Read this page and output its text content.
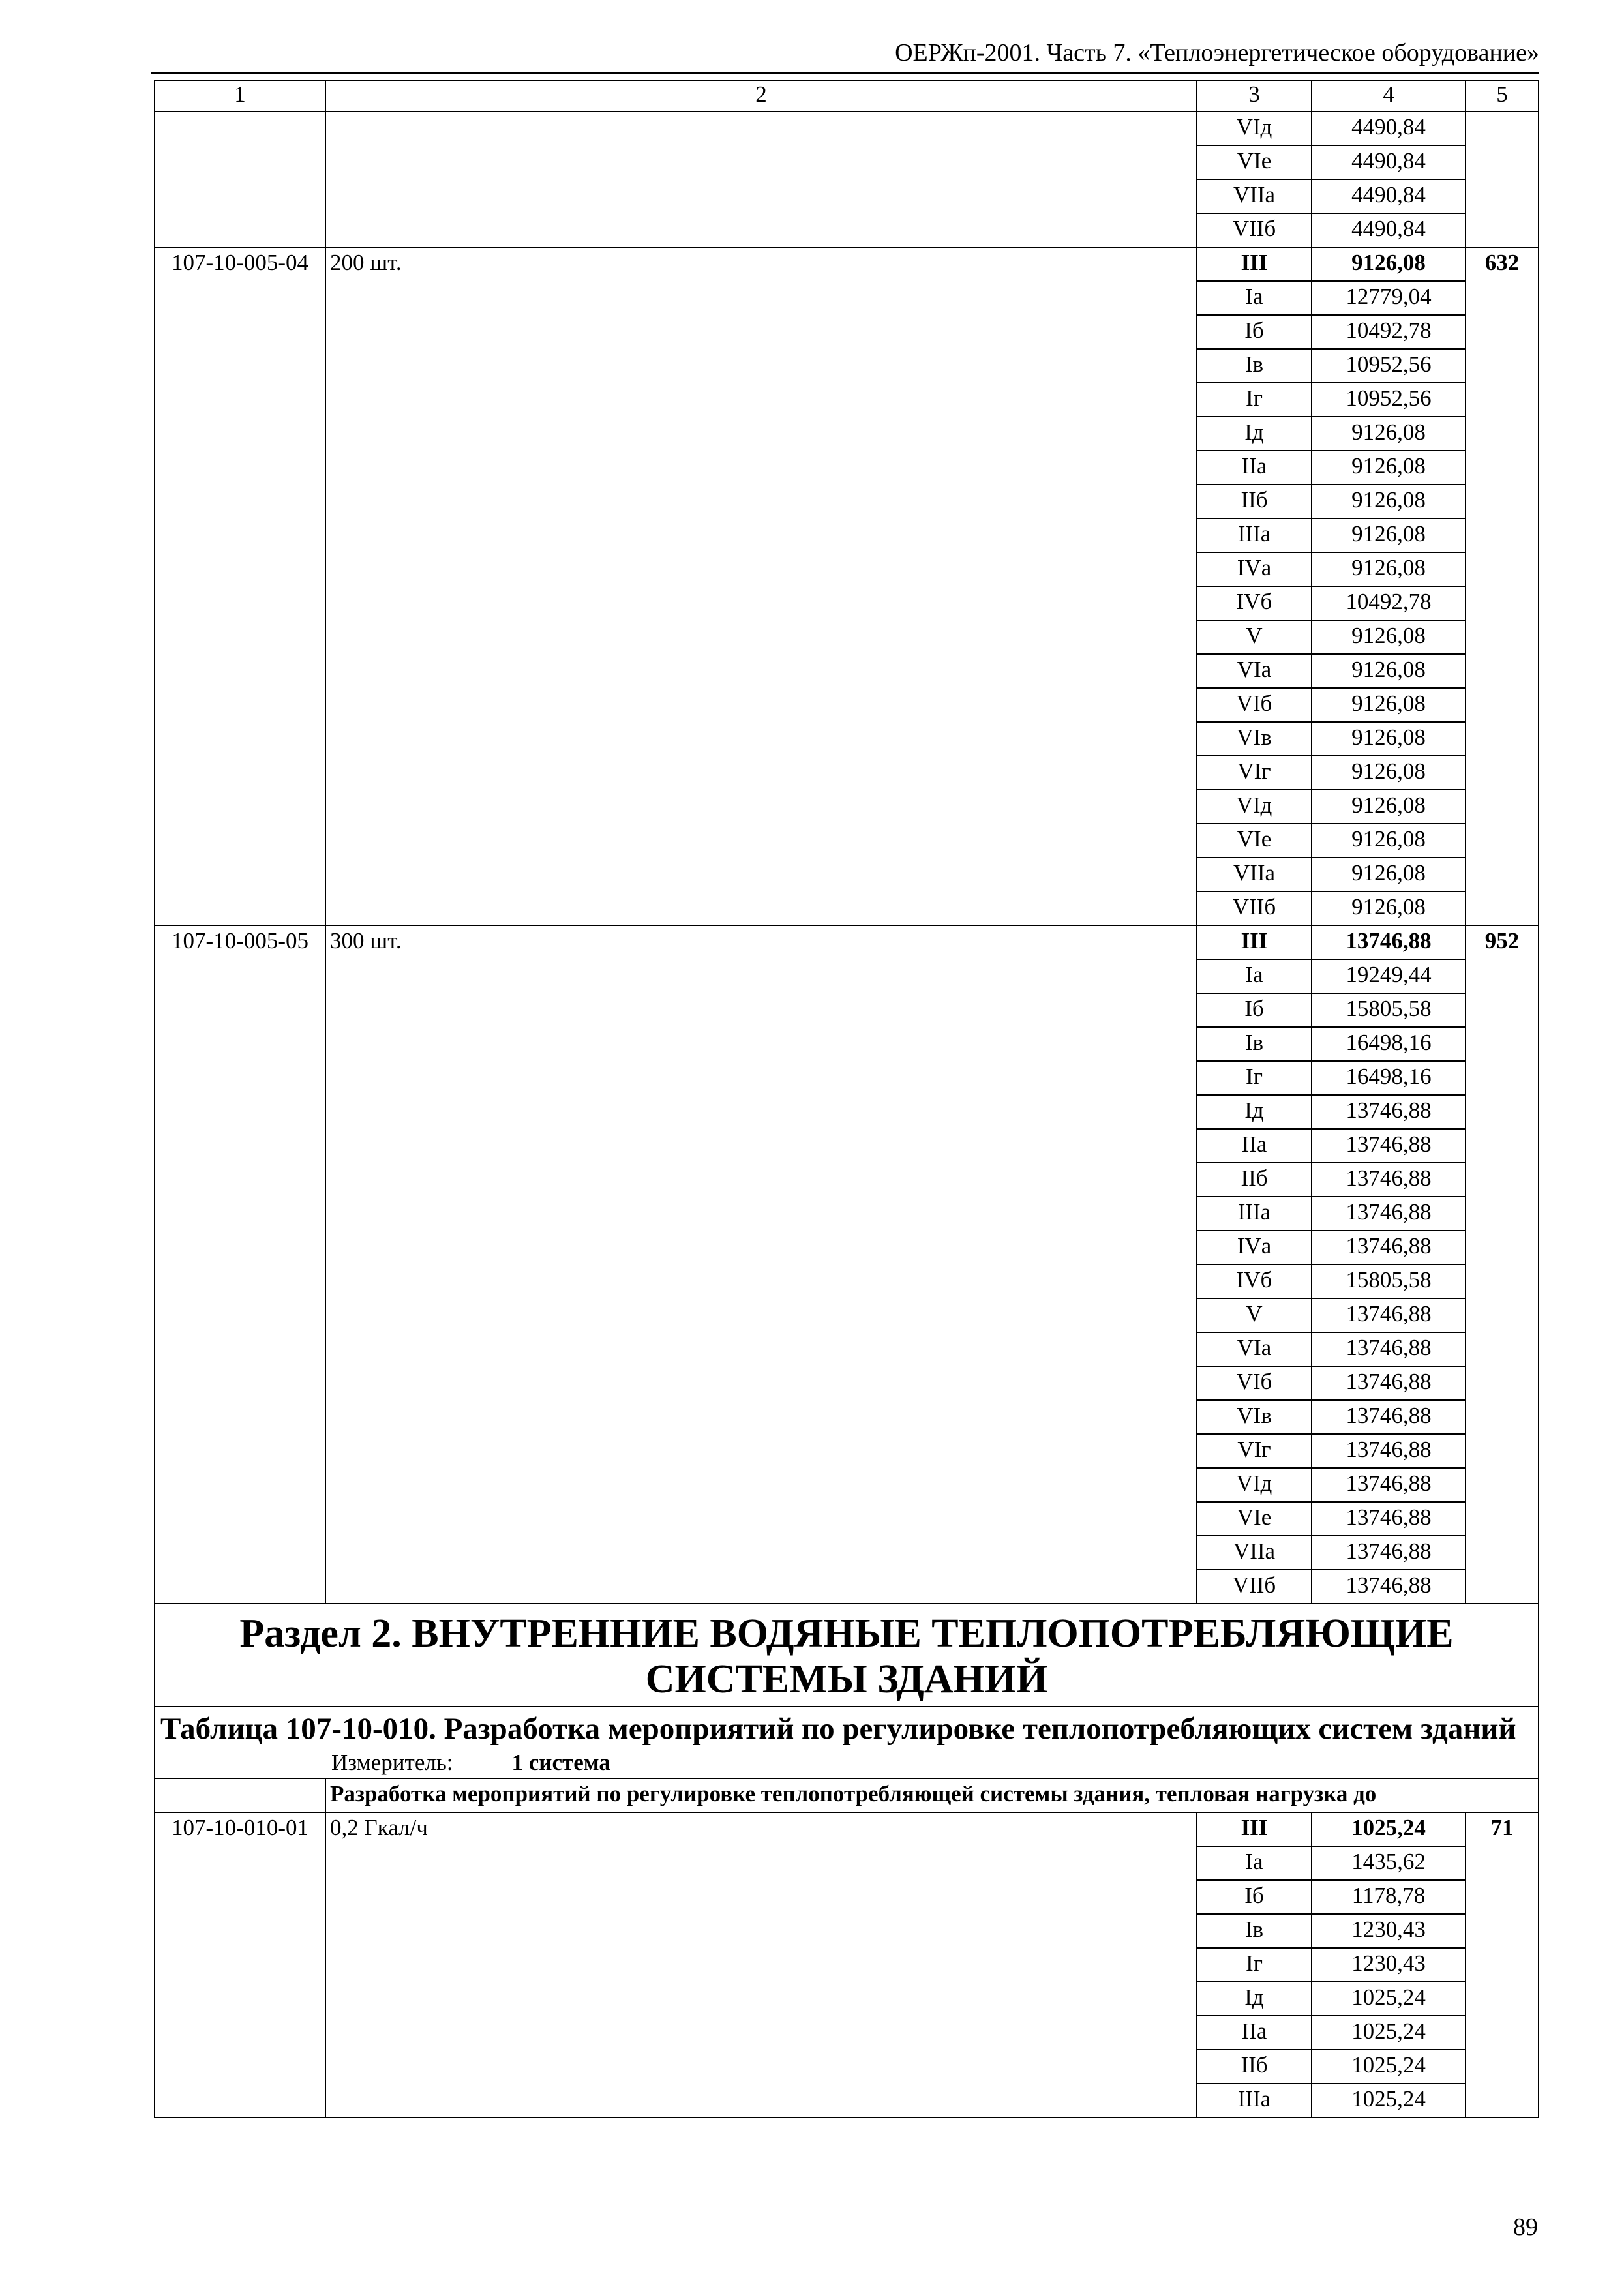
ОЕРЖп-2001. Часть 7. «Теплоэнергетическое оборудование»
1	2	3	4	5
		VIд	4490,84	
		VIе	4490,84	
		VIIа	4490,84	
		VIIб	4490,84	
107-10-005-04	200 шт.	III	9126,08	632
		Iа	12779,04	
		Iб	10492,78	
		Iв	10952,56	
		Iг	10952,56	
		Iд	9126,08	
		IIа	9126,08	
		IIб	9126,08	
		IIIа	9126,08	
		IVа	9126,08	
		IVб	10492,78	
		V	9126,08	
		VIа	9126,08	
		VIб	9126,08	
		VIв	9126,08	
		VIг	9126,08	
		VIд	9126,08	
		VIе	9126,08	
		VIIа	9126,08	
		VIIб	9126,08	
107-10-005-05	300 шт.	III	13746,88	952
		Iа	19249,44	
		Iб	15805,58	
		Iв	16498,16	
		Iг	16498,16	
		Iд	13746,88	
		IIа	13746,88	
		IIб	13746,88	
		IIIа	13746,88	
		IVа	13746,88	
		IVб	15805,58	
		V	13746,88	
		VIа	13746,88	
		VIб	13746,88	
		VIв	13746,88	
		VIг	13746,88	
		VIд	13746,88	
		VIе	13746,88	
		VIIа	13746,88	
		VIIб	13746,88	
Раздел 2. ВНУТРЕННИЕ ВОДЯНЫЕ ТЕПЛОПОТРЕБЛЯЮЩИЕ СИСТЕМЫ ЗДАНИЙ				

Таблица 107-10-010. Разработка мероприятий по регулировке теплопотребляющих систем зданий
Измеритель: 1 система				

	Разработка мероприятий по регулировке теплопотребляющей системы здания, тепловая нагрузка до			
107-10-010-01	0,2 Гкал/ч	III	1025,24	71
		Iа	1435,62	
		Iб	1178,78	
		Iв	1230,43	
		Iг	1230,43	
		Iд	1025,24	
		IIа	1025,24	
		IIб	1025,24	
		IIIа	1025,24	
89
